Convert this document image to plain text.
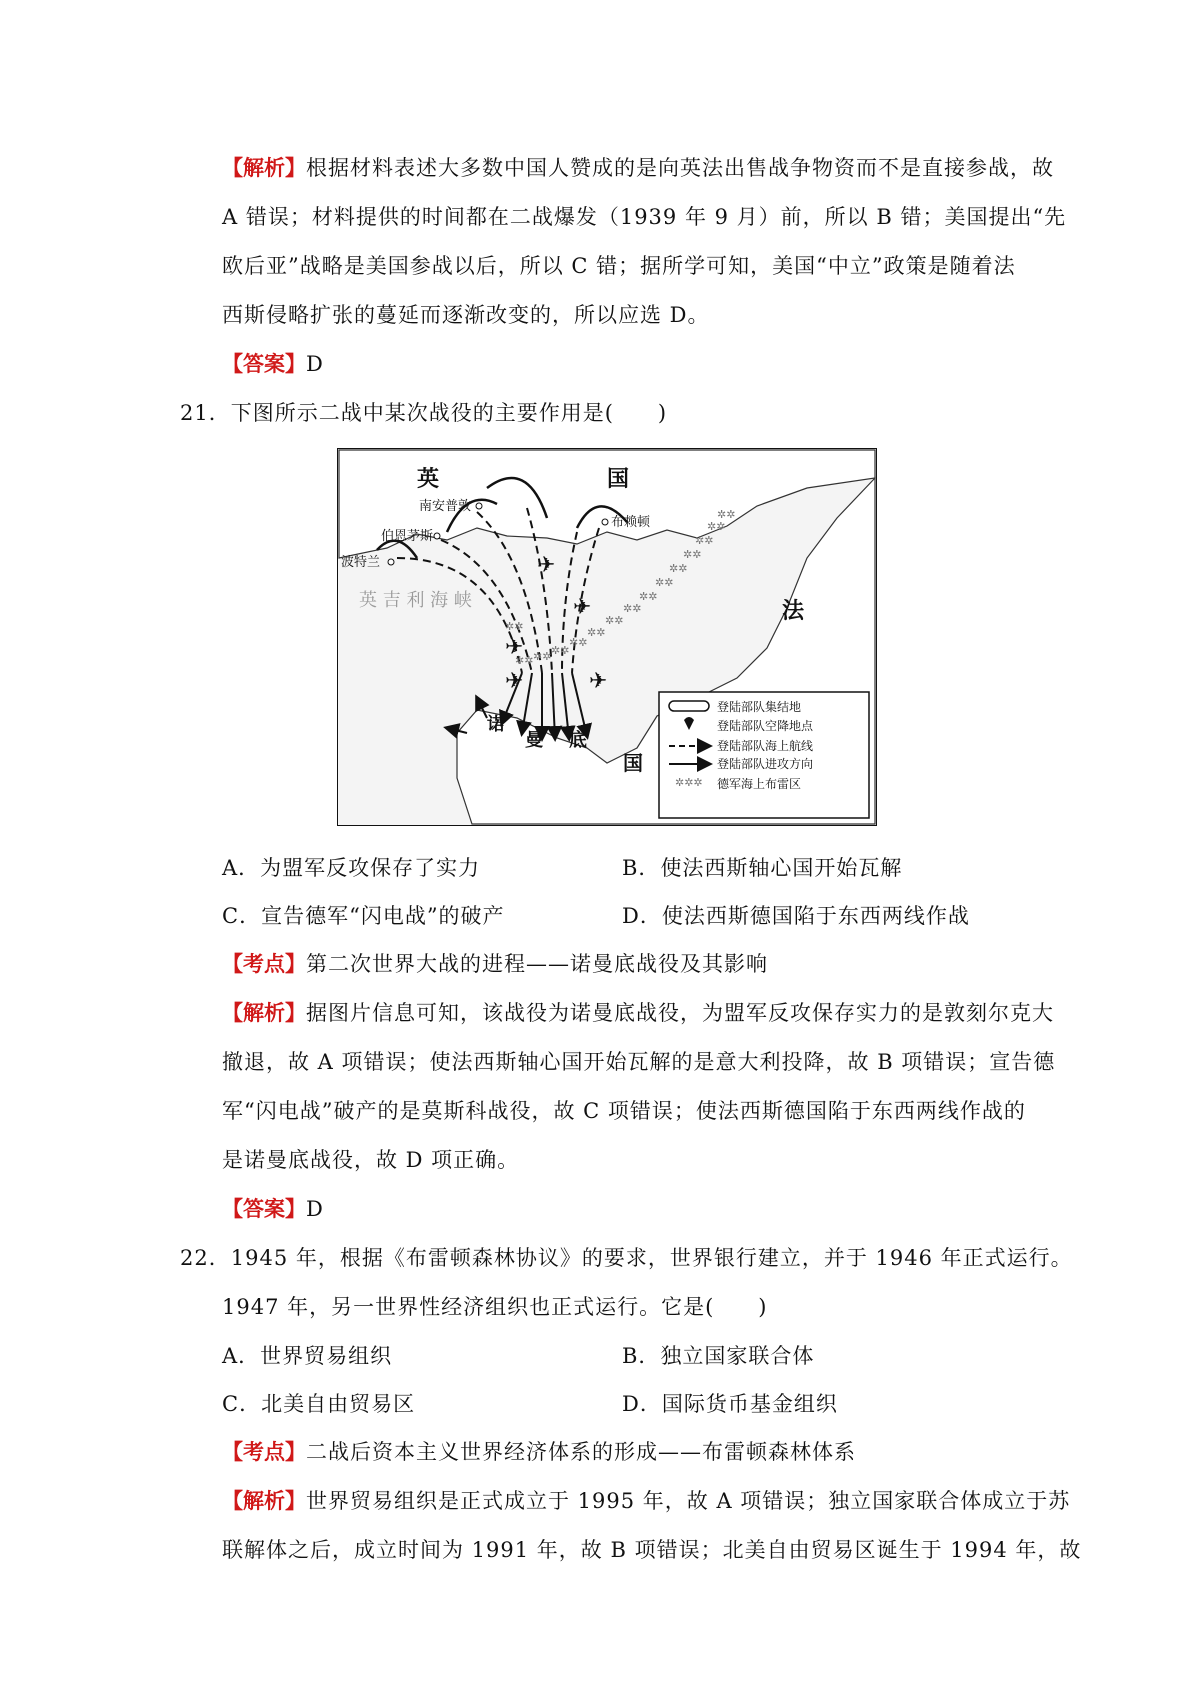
【解析】根据材料表述大多数中国人赞成的是向英法出售战争物资而不是直接参战，故
A 错误；材料提供的时间都在二战爆发（1939 年 9 月）前，所以 B 错；美国提出“先
欧后亚”战略是美国参战以后，所以 C 错；据所学可知，美国“中立”政策是随着法
西斯侵略扩张的蔓延而逐渐改变的，所以应选 D。
【答案】D
21．下图所示二战中某次战役的主要作用是(　　)
英	国
南安普敦
伯恩茅斯
波特兰
布赖顿
英 吉 利 海 峡	法
国
诺
曼 底
✲✲
✲✲
✲✲
✲✲
✲✲
✲✲
✲✲
✲✲
✲✲
✲✲
✲✲
✲✲
✲✲
✲✲
✲✲
✈
✈
✈
✈	✈
✲✲✲
登陆部队集结地
登陆部队空降地点
登陆部队海上航线
登陆部队进攻方向
德军海上布雷区
A．为盟军反攻保存了实力	B．使法西斯轴心国开始瓦解
C．宣告德军“闪电战”的破产	D．使法西斯德国陷于东西两线作战
【考点】第二次世界大战的进程——诺曼底战役及其影响
【解析】据图片信息可知，该战役为诺曼底战役，为盟军反攻保存实力的是敦刻尔克大
撤退，故 A 项错误；使法西斯轴心国开始瓦解的是意大利投降，故 B 项错误；宣告德
军“闪电战”破产的是莫斯科战役，故 C 项错误；使法西斯德国陷于东西两线作战的
是诺曼底战役，故 D 项正确。
【答案】D
22．1945 年，根据《布雷顿森林协议》的要求，世界银行建立，并于 1946 年正式运行。
1947 年，另一世界性经济组织也正式运行。它是(　　)
A．世界贸易组织	B．独立国家联合体
C．北美自由贸易区	D．国际货币基金组织
【考点】二战后资本主义世界经济体系的形成——布雷顿森林体系
【解析】世界贸易组织是正式成立于 1995 年，故 A 项错误；独立国家联合体成立于苏
联解体之后，成立时间为 1991 年，故 B 项错误；北美自由贸易区诞生于 1994 年，故
